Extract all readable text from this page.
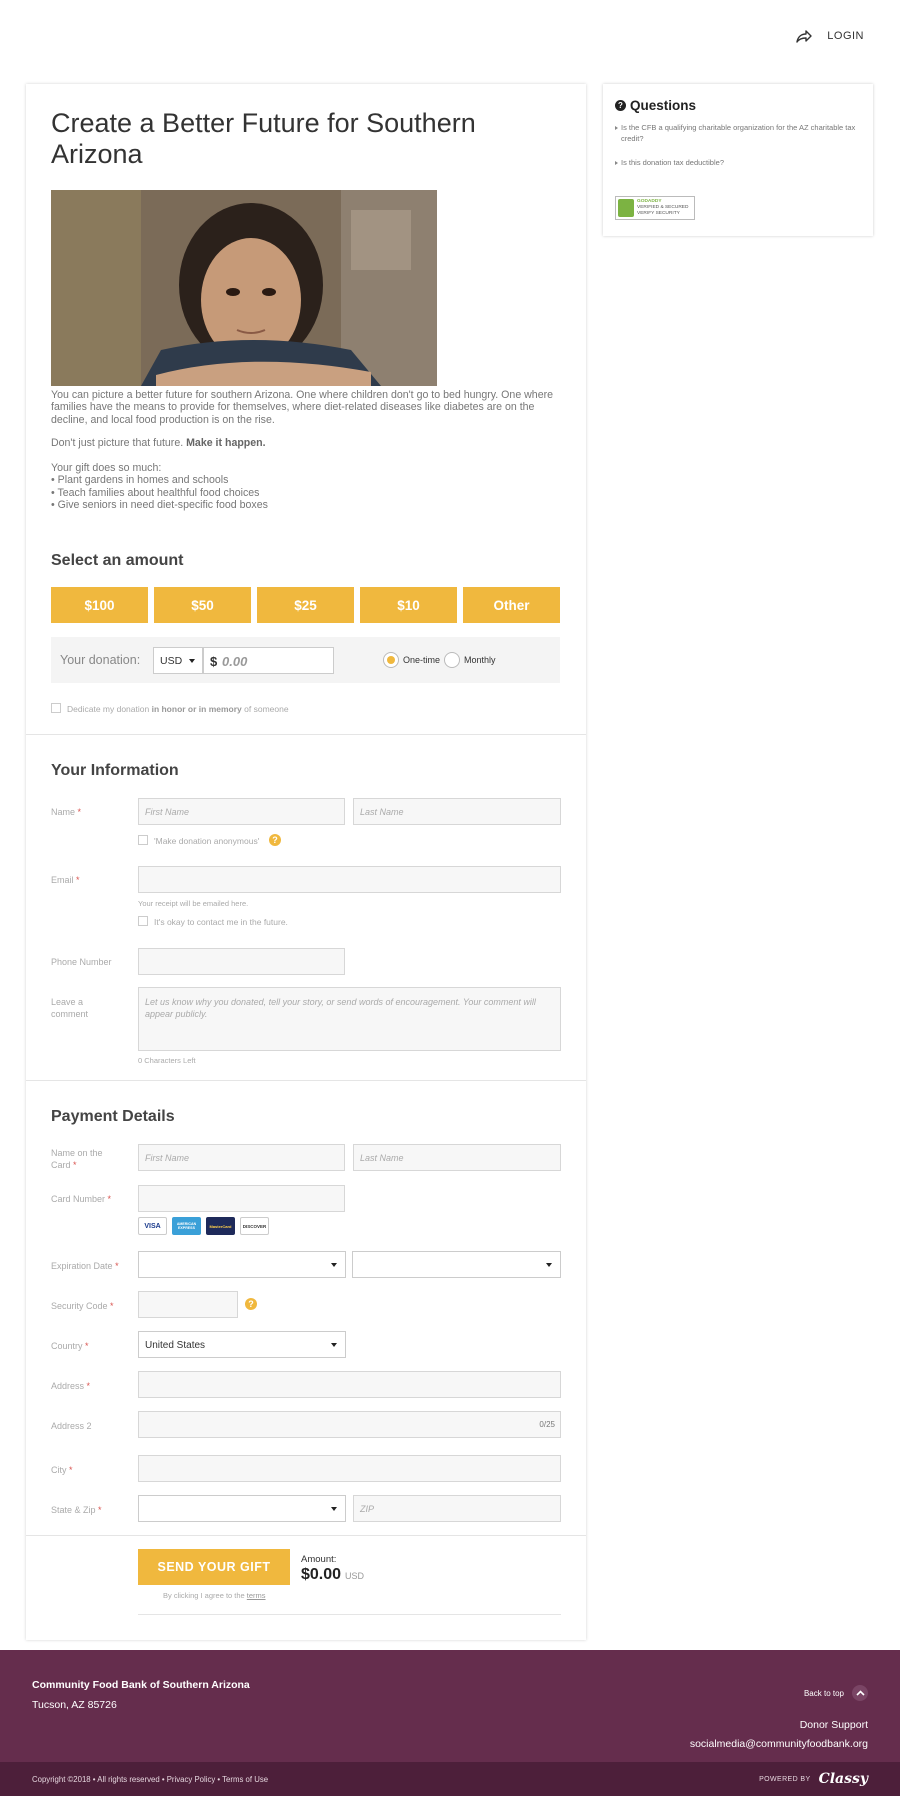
LOGIN
Create a Better Future for Southern Arizona

You can picture a better future for southern Arizona. One where children don't go to bed hungry. One where families have the means to provide for themselves, where diet-related diseases like diabetes are on the decline, and local food production is on the rise.

Don't just picture that future. Make it happen.

Your gift does so much:
• Plant gardens in homes and schools
• Teach families about healthful food choices
• Give seniors in need diet-specific food boxes
Select an amount
$100	$50	$25	$10	Other
Your donation:	USD	$ 0.00	One-time	Monthly
Dedicate my donation in honor or in memory of someone
Your Information
Name *	First Name	Last Name
'Make donation anonymous'	?
Email *
Your receipt will be emailed here.
It's okay to contact me in the future.
Phone Number
Leave a comment
Let us know why you donated, tell your story, or send words of encouragement. Your comment will appear publicly.
0 Characters Left
Payment Details
Name on the Card *
First Name	Last Name
Card Number *
VISA	AMERICAN EXPRESS	MasterCard	DISCOVER
Expiration Date *
Security Code *	?
Country *	United States
Address *
Address 2	0/25
City *
State & Zip *	ZIP
SEND YOUR GIFT
Amount:
$0.00 USD
By clicking I agree to the terms
? Questions
Is the CFB a qualifying charitable organization for the AZ charitable tax credit?
Is this donation tax deductible?
GODADDY
VERIFIED & SECURED
VERIFY SECURITY
Community Food Bank of Southern Arizona
Tucson, AZ 85726
Back to top
Donor Support
socialmedia@communityfoodbank.org
Copyright ©2018 • All rights reserved • Privacy Policy • Terms of Use	POWERED BY Classy
